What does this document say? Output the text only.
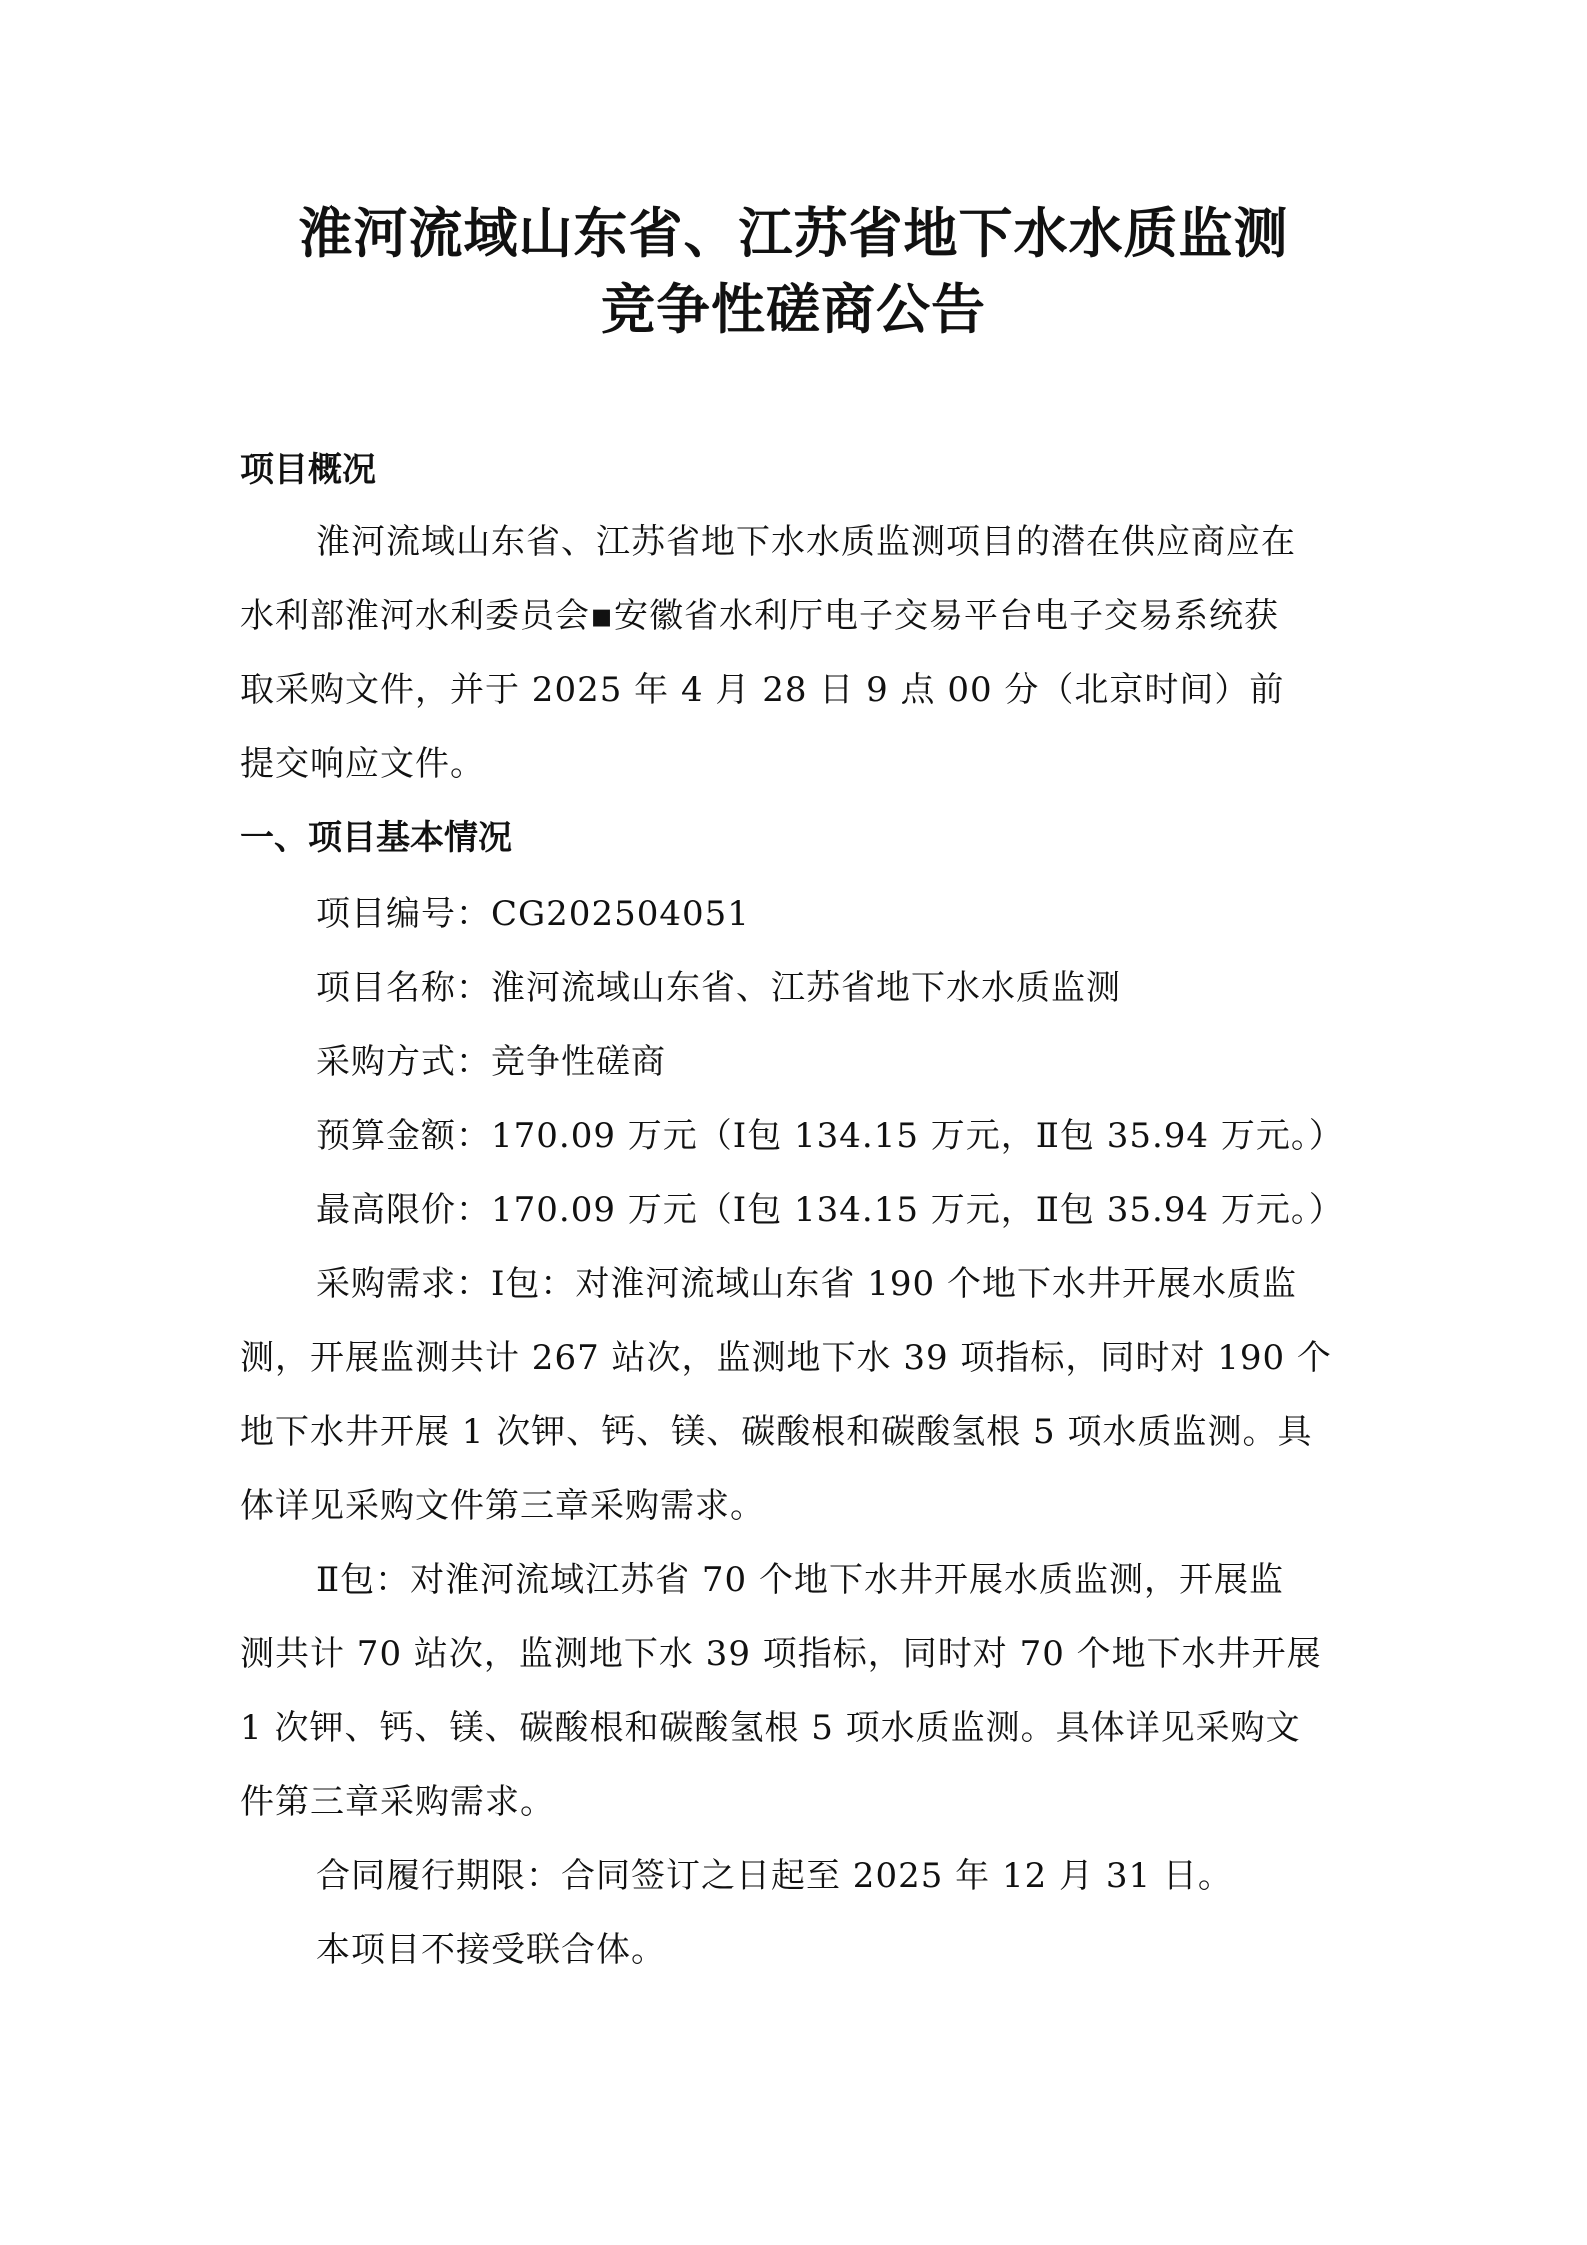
淮河流域山东省、江苏省地下水水质监测
竞争性磋商公告
项目概况
淮河流域山东省、江苏省地下水水质监测项目的潜在供应商应在
水利部淮河水利委员会▪安徽省水利厅电子交易平台电子交易系统获
取采购文件，并于 2025 年 4 月 28 日 9 点 00 分（北京时间）前
提交响应文件。
一、项目基本情况
项目编号：CG202504051
项目名称：淮河流域山东省、江苏省地下水水质监测
采购方式：竞争性磋商
预算金额：170.09 万元（Ⅰ包 134.15 万元，Ⅱ包 35.94 万元。）
最高限价：170.09 万元（Ⅰ包 134.15 万元，Ⅱ包 35.94 万元。）
采购需求：Ⅰ包：对淮河流域山东省 190 个地下水井开展水质监
测，开展监测共计 267 站次，监测地下水 39 项指标，同时对 190 个
地下水井开展 1 次钾、钙、镁、碳酸根和碳酸氢根 5 项水质监测。具
体详见采购文件第三章采购需求。
Ⅱ包：对淮河流域江苏省 70 个地下水井开展水质监测，开展监
测共计 70 站次，监测地下水 39 项指标，同时对 70 个地下水井开展
1 次钾、钙、镁、碳酸根和碳酸氢根 5 项水质监测。具体详见采购文
件第三章采购需求。
合同履行期限：合同签订之日起至 2025 年 12 月 31 日。
本项目不接受联合体。
